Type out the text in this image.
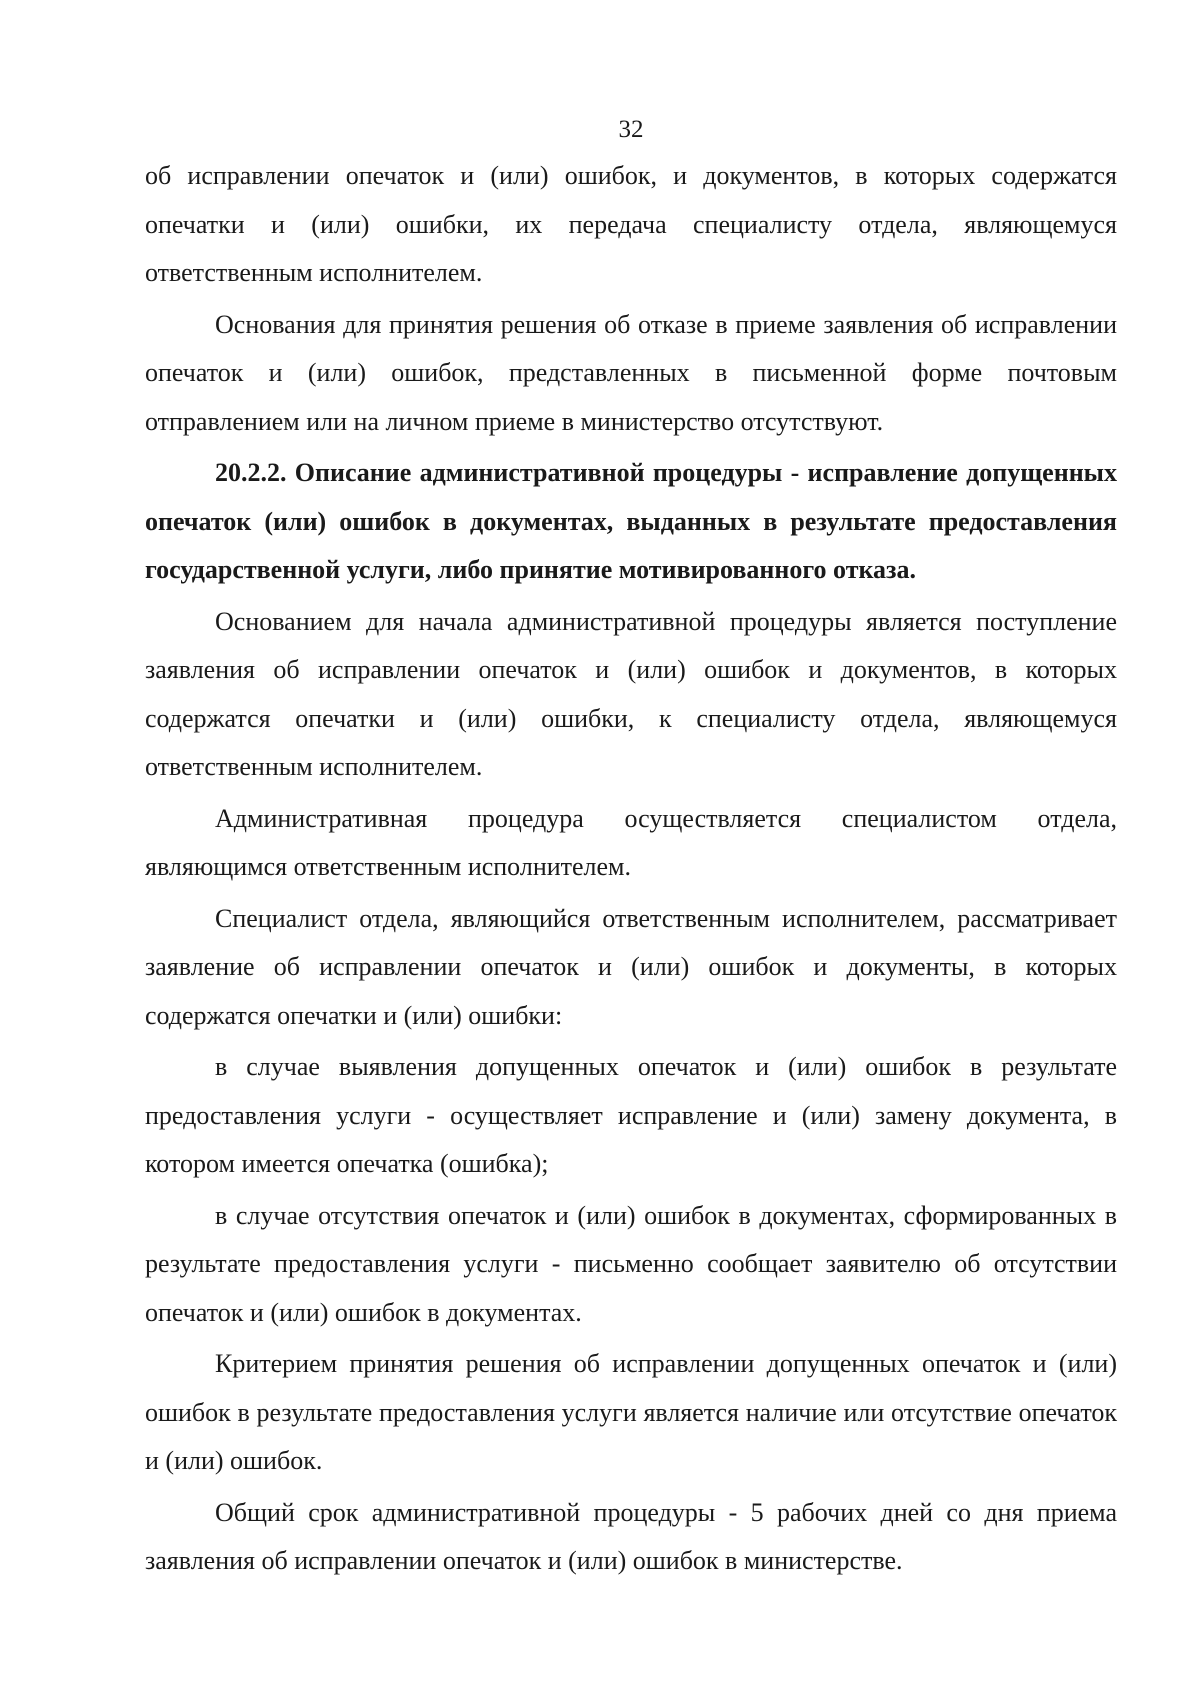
32

об исправлении опечаток и (или) ошибок, и документов, в которых содержатся опечатки и (или) ошибки, их передача специалисту отдела, являющемуся ответственным исполнителем.

Основания для принятия решения об отказе в приеме заявления об исправлении опечаток и (или) ошибок, представленных в письменной форме почтовым отправлением или на личном приеме в министерство отсутствуют.

20.2.2. Описание административной процедуры - исправление допущенных опечаток (или) ошибок в документах, выданных в результате предоставления государственной услуги, либо принятие мотивированного отказа.

Основанием для начала административной процедуры является поступление заявления об исправлении опечаток и (или) ошибок и документов, в которых содержатся опечатки и (или) ошибки, к специалисту отдела, являющемуся ответственным исполнителем.

Административная процедура осуществляется специалистом отдела, являющимся ответственным исполнителем.

Специалист отдела, являющийся ответственным исполнителем, рассматривает заявление об исправлении опечаток и (или) ошибок и документы, в которых содержатся опечатки и (или) ошибки:

в случае выявления допущенных опечаток и (или) ошибок в результате предоставления услуги - осуществляет исправление и (или) замену документа, в котором имеется опечатка (ошибка);

в случае отсутствия опечаток и (или) ошибок в документах, сформированных в результате предоставления услуги - письменно сообщает заявителю об отсутствии опечаток и (или) ошибок в документах.

Критерием принятия решения об исправлении допущенных опечаток и (или) ошибок в результате предоставления услуги является наличие или отсутствие опечаток и (или) ошибок.

Общий срок административной процедуры - 5 рабочих дней со дня приема заявления об исправлении опечаток и (или) ошибок в министерстве.
